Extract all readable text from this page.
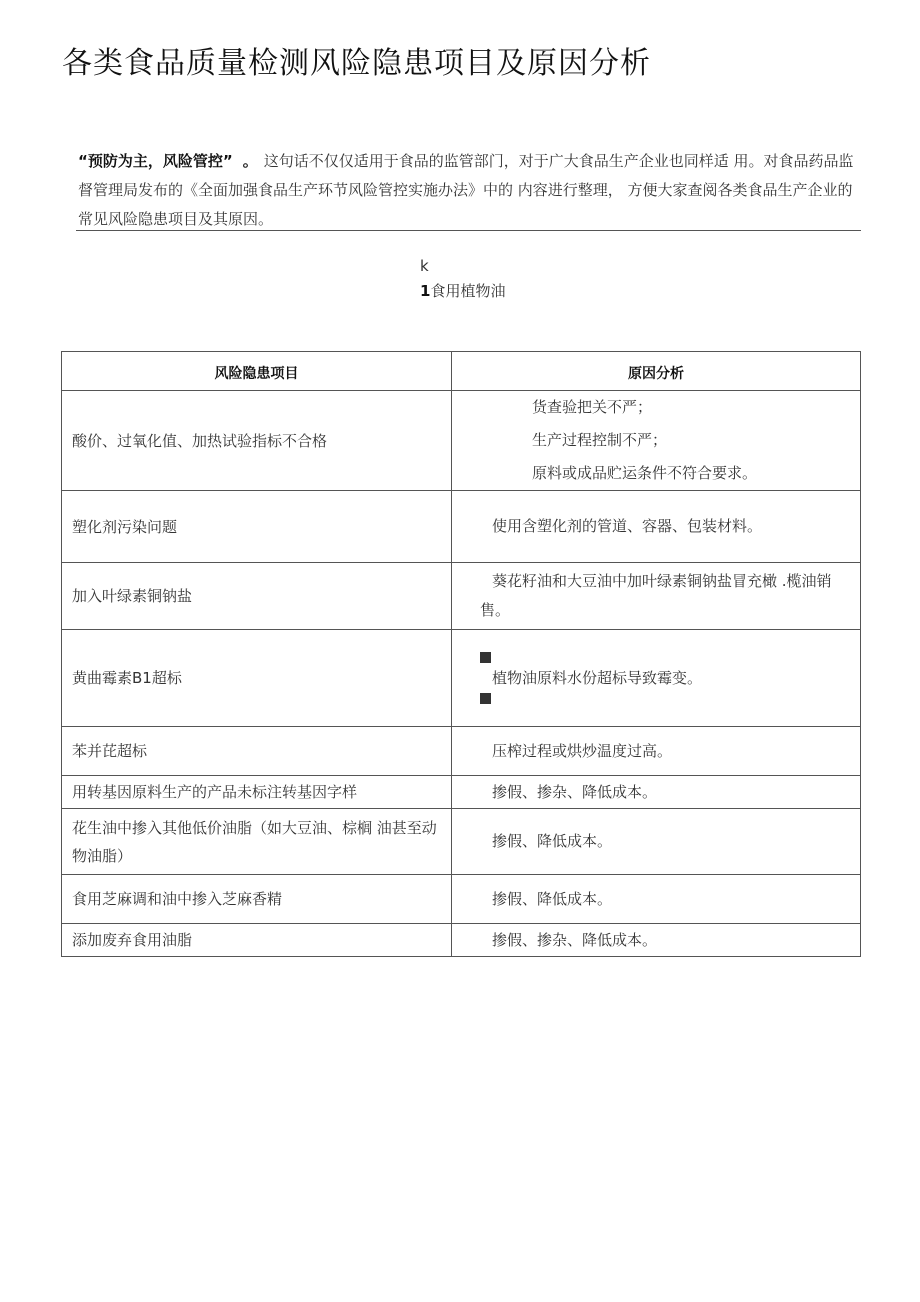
各类食品质量检测风险隐患项目及原因分析
“预防为主，风险管控” 。 这句话不仅仅适用于食品的监管部门，对于广大食品生产企业也同样适 用。对食品药品监督管理局发布的《全面加强食品生产环节风险管控实施办法》中的 内容进行整理， 方便大家查阅各类食品生产企业的常见风险隐患项目及其原因。
k
1食用植物油
风险隐患项目	原因分析
酸价、过氧化值、加热试验指标不合格	货查验把关不严；
生产过程控制不严；
原料或成品贮运条件不符合要求。

塑化剂污染问题	使用含塑化剂的管道、容器、包装材料。
加入叶绿素铜钠盐	葵花籽油和大豆油中加叶绿素铜钠盐冒充橄 .榄油销售。
黄曲霉素B1超标	植物油原料水份超标导致霉变。

苯并芘超标	压榨过程或烘炒温度过高。
用转基因原料生产的产品未标注转基因字样	掺假、掺杂、降低成本。
花生油中掺入其他低价油脂（如大豆油、棕榈 油甚至动物油脂）	掺假、降低成本。
食用芝麻调和油中掺入芝麻香精	掺假、降低成本。
添加废弃食用油脂	掺假、掺杂、降低成本。
